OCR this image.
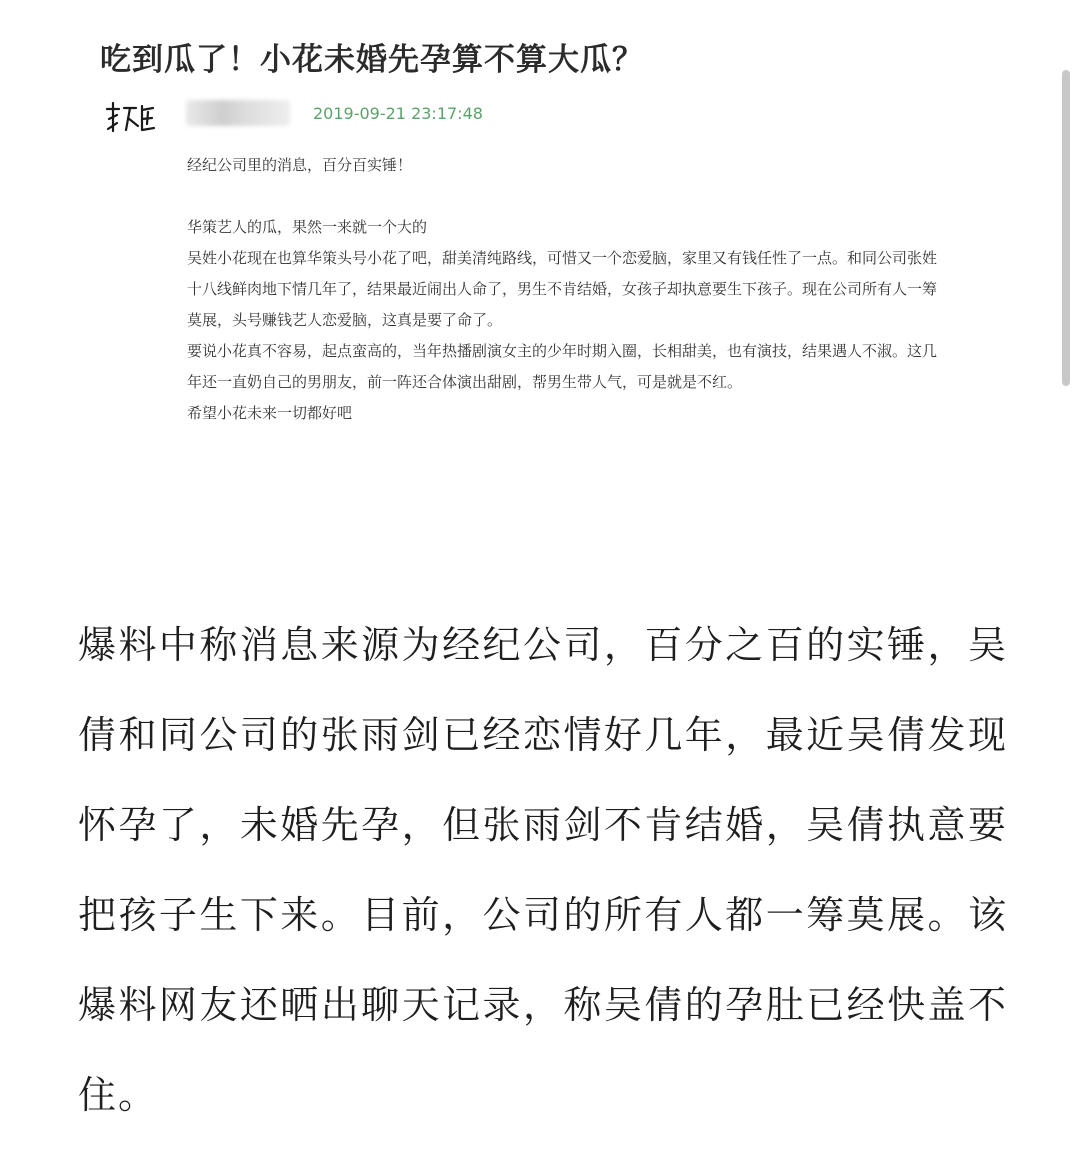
吃到瓜了！小花未婚先孕算不算大瓜？
2019-09-21 23:17:48

经纪公司里的消息，百分百实锤！

华策艺人的瓜，果然一来就一个大的

吴姓小花现在也算华策头号小花了吧，甜美清纯路线，可惜又一个恋爱脑，家里又有钱任性了一点。和同公司张姓十八线鲜肉地下情几年了，结果最近闹出人命了，男生不肯结婚，女孩子却执意要生下孩子。现在公司所有人一筹莫展，头号赚钱艺人恋爱脑，这真是要了命了。

要说小花真不容易，起点蛮高的，当年热播剧演女主的少年时期入圈，长相甜美，也有演技，结果遇人不淑。这几年还一直奶自己的男朋友，前一阵还合体演出甜剧，帮男生带人气，可是就是不红。

希望小花未来一切都好吧

爆料中称消息来源为经纪公司，百分之百的实锤，吴倩和同公司的张雨剑已经恋情好几年，最近吴倩发现怀孕了，未婚先孕，但张雨剑不肯结婚，吴倩执意要把孩子生下来。目前，公司的所有人都一筹莫展。该爆料网友还晒出聊天记录，称吴倩的孕肚已经快盖不住。
